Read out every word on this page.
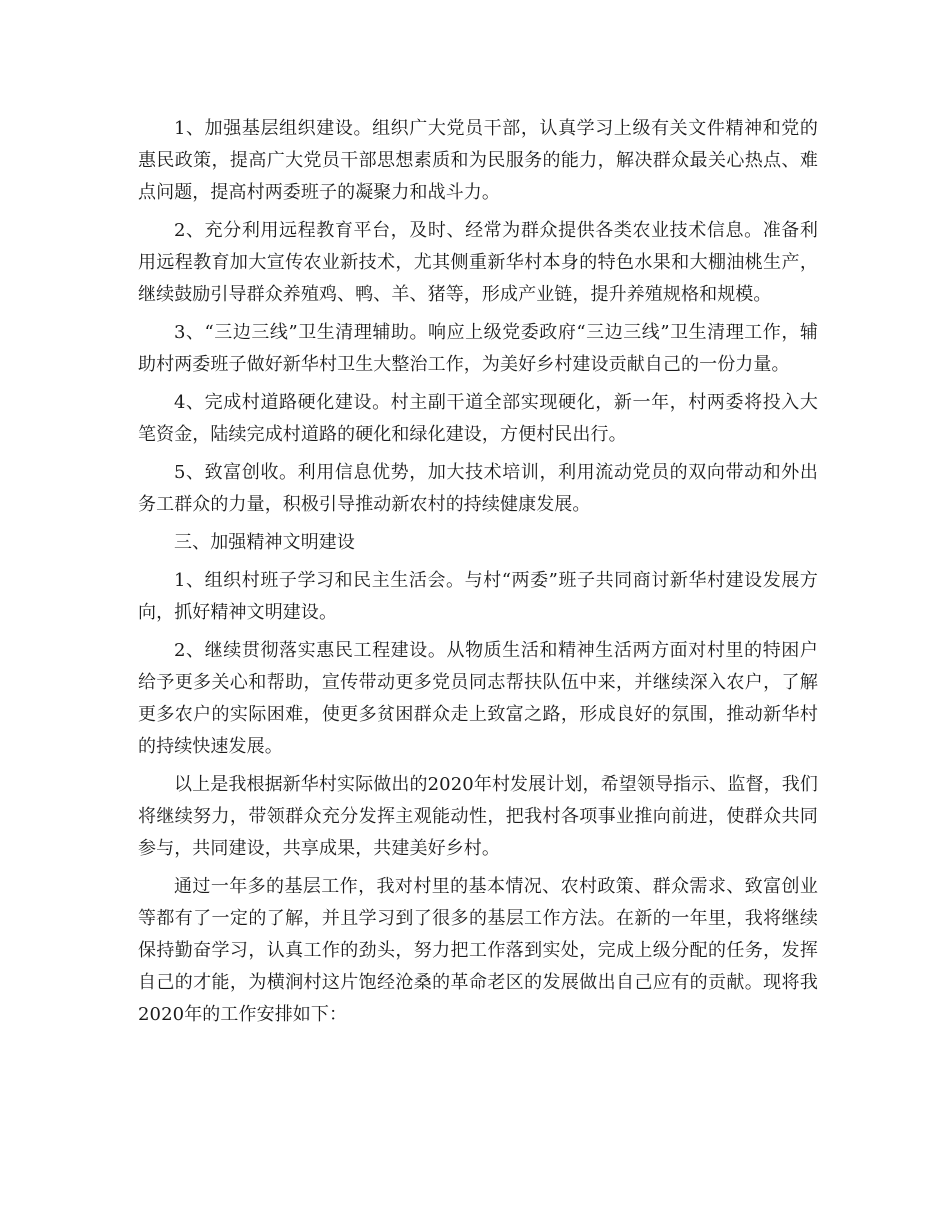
1、加强基层组织建设。组织广大党员干部，认真学习上级有关文件精神和党的惠民政策，提高广大党员干部思想素质和为民服务的能力，解决群众最关心热点、难点问题，提高村两委班子的凝聚力和战斗力。

2、充分利用远程教育平台，及时、经常为群众提供各类农业技术信息。准备利用远程教育加大宣传农业新技术，尤其侧重新华村本身的特色水果和大棚油桃生产，继续鼓励引导群众养殖鸡、鸭、羊、猪等，形成产业链，提升养殖规格和规模。

3、“三边三线”卫生清理辅助。响应上级党委政府“三边三线”卫生清理工作，辅助村两委班子做好新华村卫生大整治工作，为美好乡村建设贡献自己的一份力量。

4、完成村道路硬化建设。村主副干道全部实现硬化，新一年，村两委将投入大笔资金，陆续完成村道路的硬化和绿化建设，方便村民出行。

5、致富创收。利用信息优势，加大技术培训，利用流动党员的双向带动和外出务工群众的力量，积极引导推动新农村的持续健康发展。

三、加强精神文明建设

1、组织村班子学习和民主生活会。与村“两委”班子共同商讨新华村建设发展方向，抓好精神文明建设。

2、继续贯彻落实惠民工程建设。从物质生活和精神生活两方面对村里的特困户给予更多关心和帮助，宣传带动更多党员同志帮扶队伍中来，并继续深入农户，了解更多农户的实际困难，使更多贫困群众走上致富之路，形成良好的氛围，推动新华村的持续快速发展。

以上是我根据新华村实际做出的2020年村发展计划，希望领导指示、监督，我们将继续努力，带领群众充分发挥主观能动性，把我村各项事业推向前进，使群众共同参与，共同建设，共享成果，共建美好乡村。

通过一年多的基层工作，我对村里的基本情况、农村政策、群众需求、致富创业等都有了一定的了解，并且学习到了很多的基层工作方法。在新的一年里，我将继续保持勤奋学习，认真工作的劲头，努力把工作落到实处，完成上级分配的任务，发挥自己的才能，为横涧村这片饱经沧桑的革命老区的发展做出自己应有的贡献。现将我2020年的工作安排如下：
